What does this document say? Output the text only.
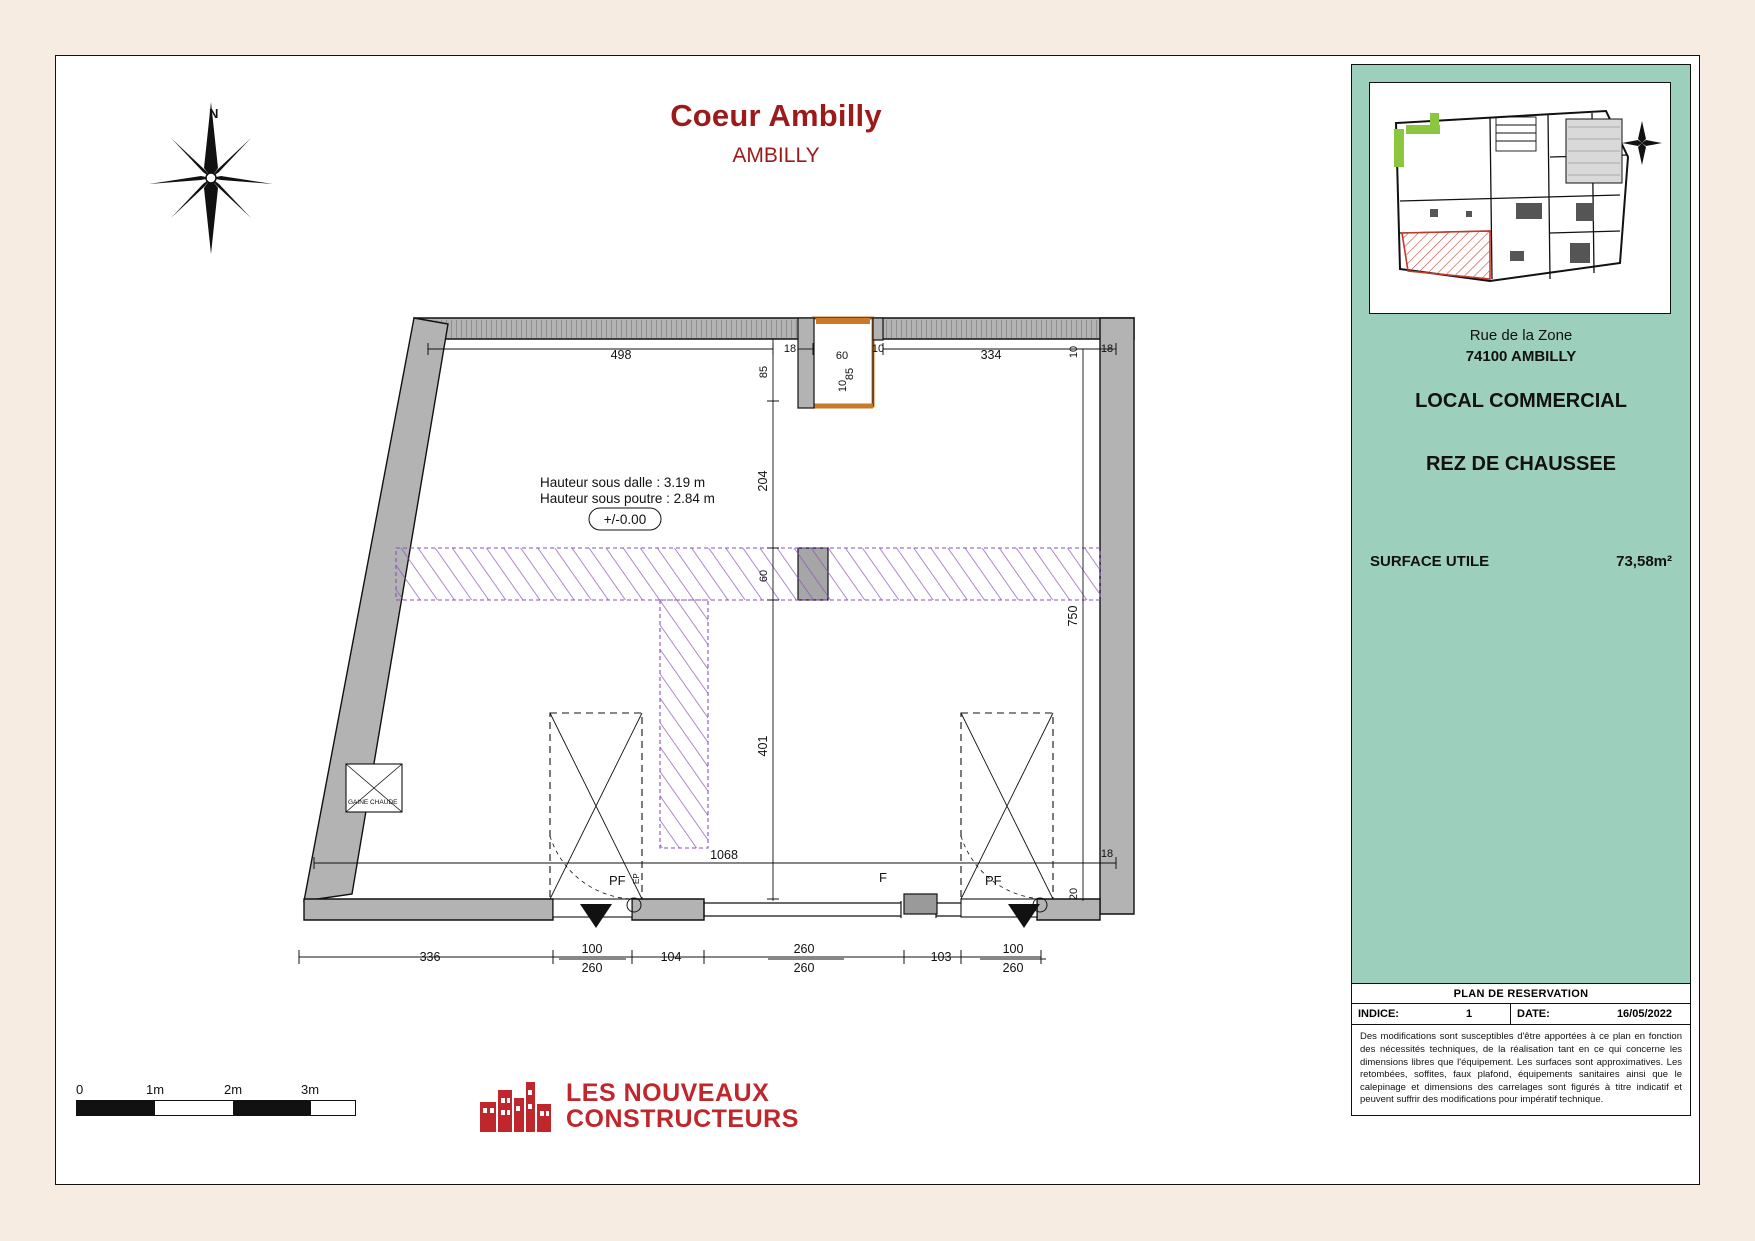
GAINE CHAUDE
Hauteur sous dalle : 3.19 m
Hauteur sous poutre : 2.84 m
+/-0.00
PF	PF
F
EP
498	18
60
85
10	334	10 18
10
85
204
60
401
750
18
20
1068
336
100
260
104
260
260
103
100
260
Coeur Ambilly
AMBILLY
N
0	1m	2m	3m	LES NOUVEAUX
CONSTRUCTEURS
Rue de la Zone
74100 AMBILLY
LOCAL COMMERCIAL
REZ DE CHAUSSEE
SURFACE UTILE	73,58m²
PLAN DE RESERVATION
INDICE:	1	DATE:	16/05/2022
Des modifications sont susceptibles d'être apportées à ce plan en fonction des nécessités techniques, de la réalisation tant en ce qui concerne les dimensions libres que l'équipement. Les surfaces sont approximatives. Les retombées, soffites, faux plafond, équipements sanitaires ainsi que le calepinage et dimensions des carrelages sont figurés à titre indicatif et peuvent suffrir des modifications pour impératif technique.
